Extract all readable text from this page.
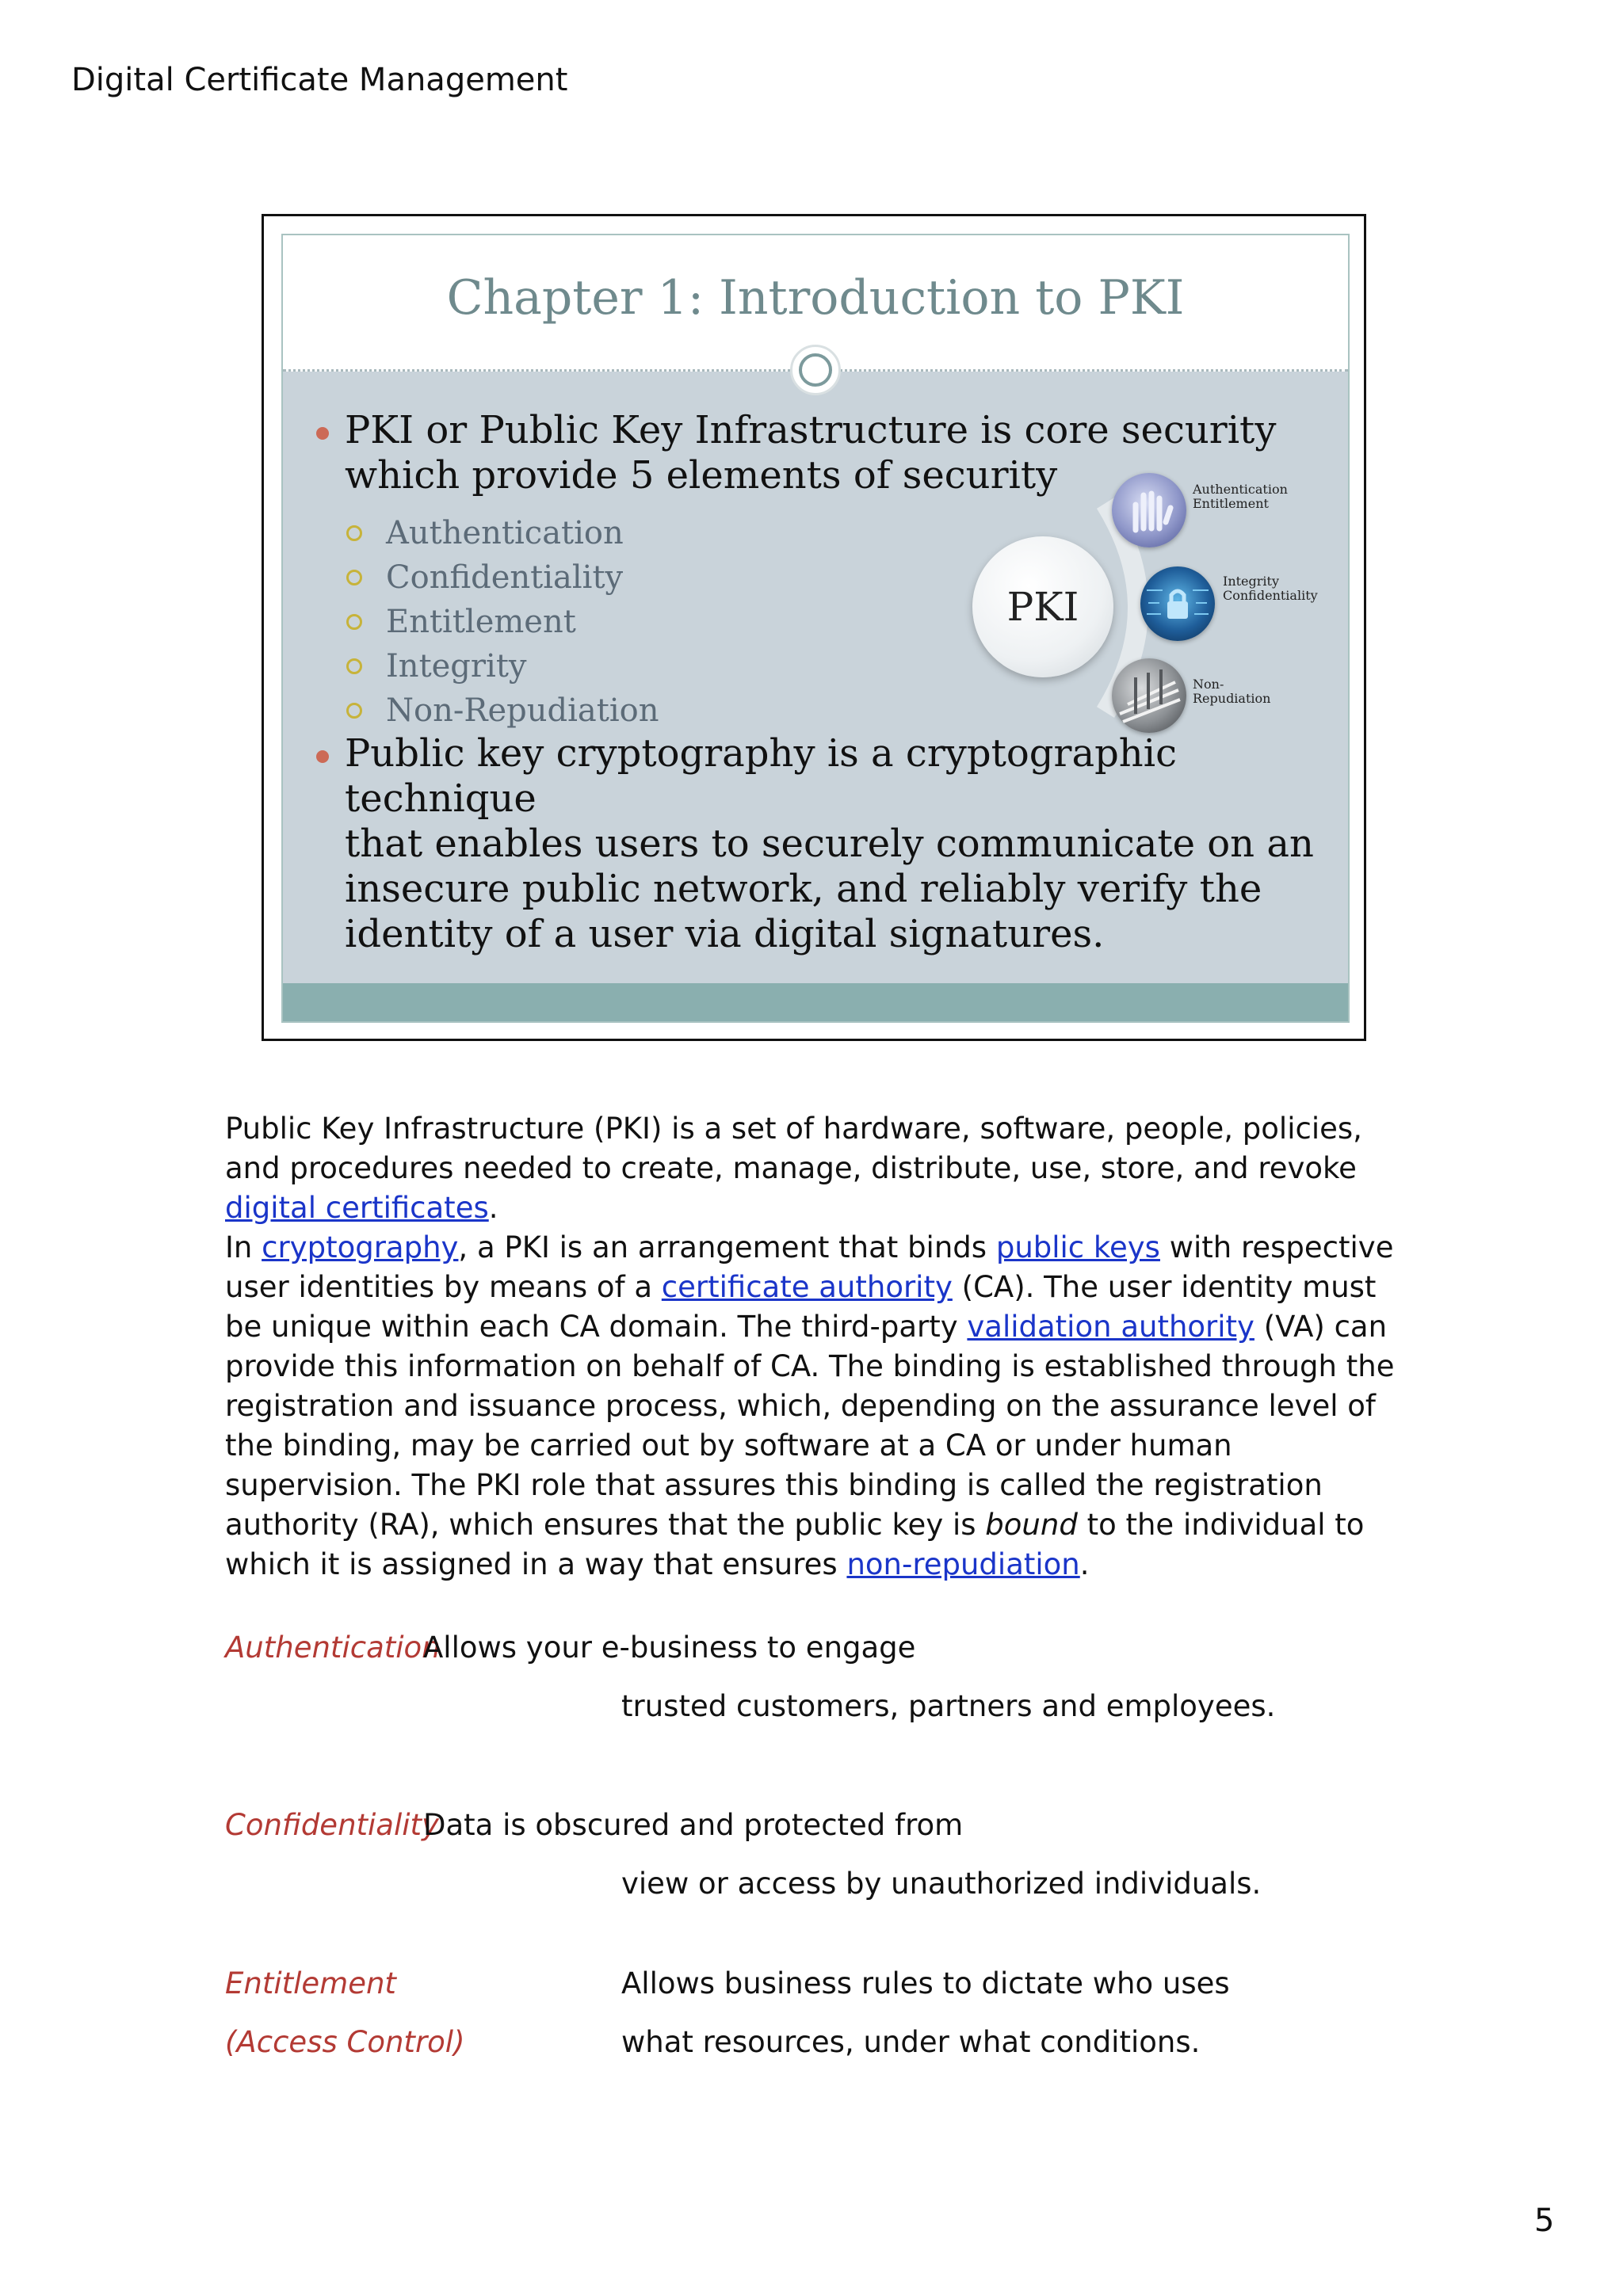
Digital Certificate Management
Chapter 1: Introduction to PKI
PKI or Public Key Infrastructure is core security
which provide 5 elements of security
Authentication
Confidentiality
Entitlement
Integrity
Non-Repudiation
PKI
Authentication
Entitlement
Integrity
Confidentiality
Non-
Repudiation
Public key cryptography is a cryptographic technique
that enables users to securely communicate on an
insecure public network, and reliably verify the
identity of a user via digital signatures.
Public Key Infrastructure (PKI) is a set of hardware, software, people, policies, and procedures needed to create, manage, distribute, use, store, and revoke digital certificates.
In cryptography, a PKI is an arrangement that binds public keys with respective user identities by means of a certificate authority (CA). The user identity must be unique within each CA domain. The third-party validation authority (VA) can provide this information on behalf of CA. The binding is established through the registration and issuance process, which, depending on the assurance level of the binding, may be carried out by software at a CA or under human supervision. The PKI role that assures this binding is called the registration authority (RA), which ensures that the public key is bound to the individual to which it is assigned in a way that ensures non-repudiation.
Authentication
Allows your e-business to engage
trusted customers, partners and employees.
Confidentiality
Data is obscured and protected from
view or access by unauthorized individuals.
Entitlement
(Access Control)
Allows business rules to dictate who uses
what resources, under what conditions.
5
